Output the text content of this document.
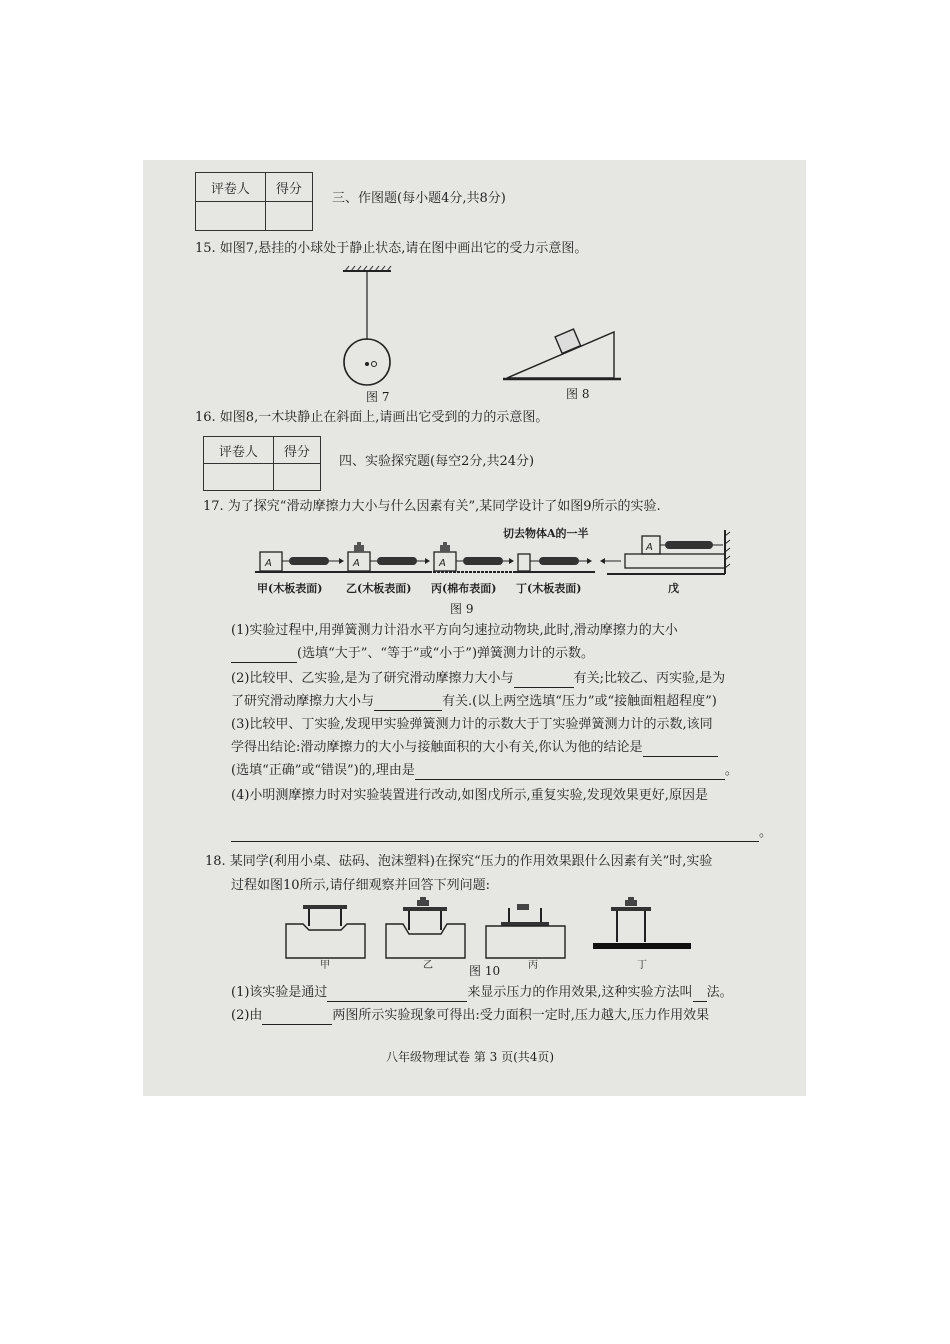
评卷人	得分

三、作图题(每小题4分,共8分)
15. 如图7,悬挂的小球处于静止状态,请在图中画出它的受力示意图。
图 7	图 8
16. 如图8,一木块静止在斜面上,请画出它受到的力的示意图。
评卷人	得分

四、实验探究题(每空2分,共24分)
17. 为了探究“滑动摩擦力大小与什么因素有关”,某同学设计了如图9所示的实验.
切去物体A的一半
A	A	A
A
甲(木板表面) 乙(木板表面) 丙(棉布表面) 丁(木板表面)	戊
图 9
(1)实验过程中,用弹簧测力计沿水平方向匀速拉动物块,此时,滑动摩擦力的大小
(选填“大于”、“等于”或“小于”)弹簧测力计的示数。
(2)比较甲、乙实验,是为了研究滑动摩擦力大小与	有关;比较乙、丙实验,是为
了研究滑动摩擦力大小与	有关.(以上两空选填“压力”或“接触面粗超程度”)
(3)比较甲、丁实验,发现甲实验弹簧测力计的示数大于丁实验弹簧测力计的示数,该同
学得出结论:滑动摩擦力的大小与接触面积的大小有关,你认为他的结论是
(选填“正确”或“错误”)的,理由是	。
(4)小明测摩擦力时对实验装置进行改动,如图戊所示,重复实验,发现效果更好,原因是
。
18. 某同学(利用小桌、砝码、泡沫塑料)在探究“压力的作用效果跟什么因素有关”时,实验
过程如图10所示,请仔细观察并回答下列问题:
甲	乙	丙	丁
图 10
(1)该实验是通过	来显示压力的作用效果,这种实验方法叫 法。
(2)由	两图所示实验现象可得出:受力面积一定时,压力越大,压力作用效果
八年级物理试卷 第 3 页(共4页)
